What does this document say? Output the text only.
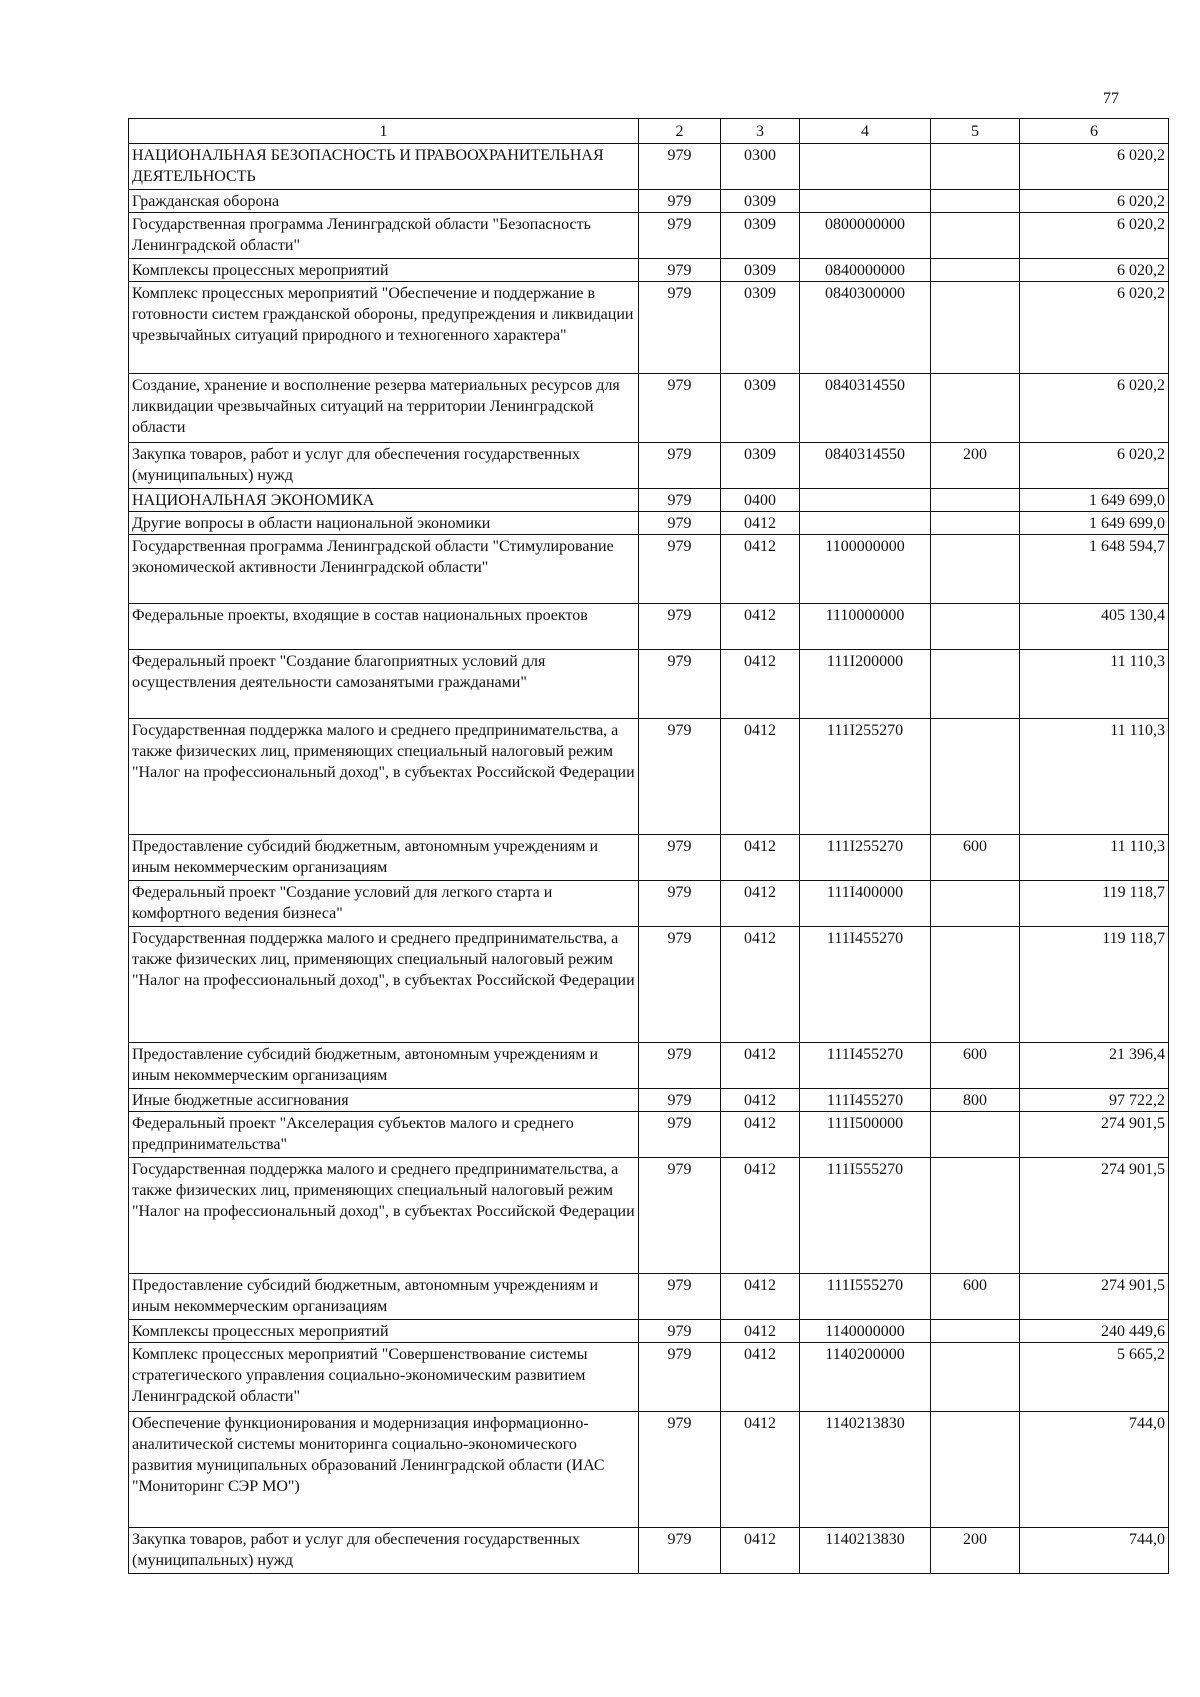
77
1	2	3	4	5	6
НАЦИОНАЛЬНАЯ БЕЗОПАСНОСТЬ И ПРАВООХРАНИТЕЛЬНАЯ ДЕЯТЕЛЬНОСТЬ	979	0300			6 020,2
Гражданская оборона	979	0309			6 020,2
Государственная программа Ленинградской области "Безопасность Ленинградской области"	979	0309	0800000000		6 020,2
Комплексы процессных мероприятий	979	0309	0840000000		6 020,2
Комплекс процессных мероприятий "Обеспечение и поддержание в готовности систем гражданской обороны, предупреждения и ликвидации чрезвычайных ситуаций природного и техногенного характера"	979	0309	0840300000		6 020,2
Создание, хранение и восполнение резерва материальных ресурсов для ликвидации чрезвычайных ситуаций на территории Ленинградской области	979	0309	0840314550		6 020,2
Закупка товаров, работ и услуг для обеспечения государственных (муниципальных) нужд	979	0309	0840314550	200	6 020,2
НАЦИОНАЛЬНАЯ ЭКОНОМИКА	979	0400			1 649 699,0
Другие вопросы в области национальной экономики	979	0412			1 649 699,0
Государственная программа Ленинградской области "Стимулирование экономической активности Ленинградской области"	979	0412	1100000000		1 648 594,7
Федеральные проекты, входящие в состав национальных проектов	979	0412	1110000000		405 130,4
Федеральный проект "Создание благоприятных условий для осуществления деятельности самозанятыми гражданами"	979	0412	111I200000		11 110,3
Государственная поддержка малого и среднего предпринимательства, а также физических лиц, применяющих специальный налоговый режим "Налог на профессиональный доход", в субъектах Российской Федерации	979	0412	111I255270		11 110,3
Предоставление субсидий бюджетным, автономным учреждениям и иным некоммерческим организациям	979	0412	111I255270	600	11 110,3
Федеральный проект "Создание условий для легкого старта и комфортного ведения бизнеса"	979	0412	111I400000		119 118,7
Государственная поддержка малого и среднего предпринимательства, а также физических лиц, применяющих специальный налоговый режим "Налог на профессиональный доход", в субъектах Российской Федерации	979	0412	111I455270		119 118,7
Предоставление субсидий бюджетным, автономным учреждениям и иным некоммерческим организациям	979	0412	111I455270	600	21 396,4
Иные бюджетные ассигнования	979	0412	111I455270	800	97 722,2
Федеральный проект "Акселерация субъектов малого и среднего предпринимательства"	979	0412	111I500000		274 901,5
Государственная поддержка малого и среднего предпринимательства, а также физических лиц, применяющих специальный налоговый режим "Налог на профессиональный доход", в субъектах Российской Федерации	979	0412	111I555270		274 901,5
Предоставление субсидий бюджетным, автономным учреждениям и иным некоммерческим организациям	979	0412	111I555270	600	274 901,5
Комплексы процессных мероприятий	979	0412	1140000000		240 449,6
Комплекс процессных мероприятий "Совершенствование системы стратегического управления социально-экономическим развитием Ленинградской области"	979	0412	1140200000		5 665,2
Обеспечение функционирования и модернизация информационно-аналитической системы мониторинга социально-экономического развития муниципальных образований Ленинградской области (ИАС "Мониторинг СЭР МО")	979	0412	1140213830		744,0
Закупка товаров, работ и услуг для обеспечения государственных (муниципальных) нужд	979	0412	1140213830	200	744,0
